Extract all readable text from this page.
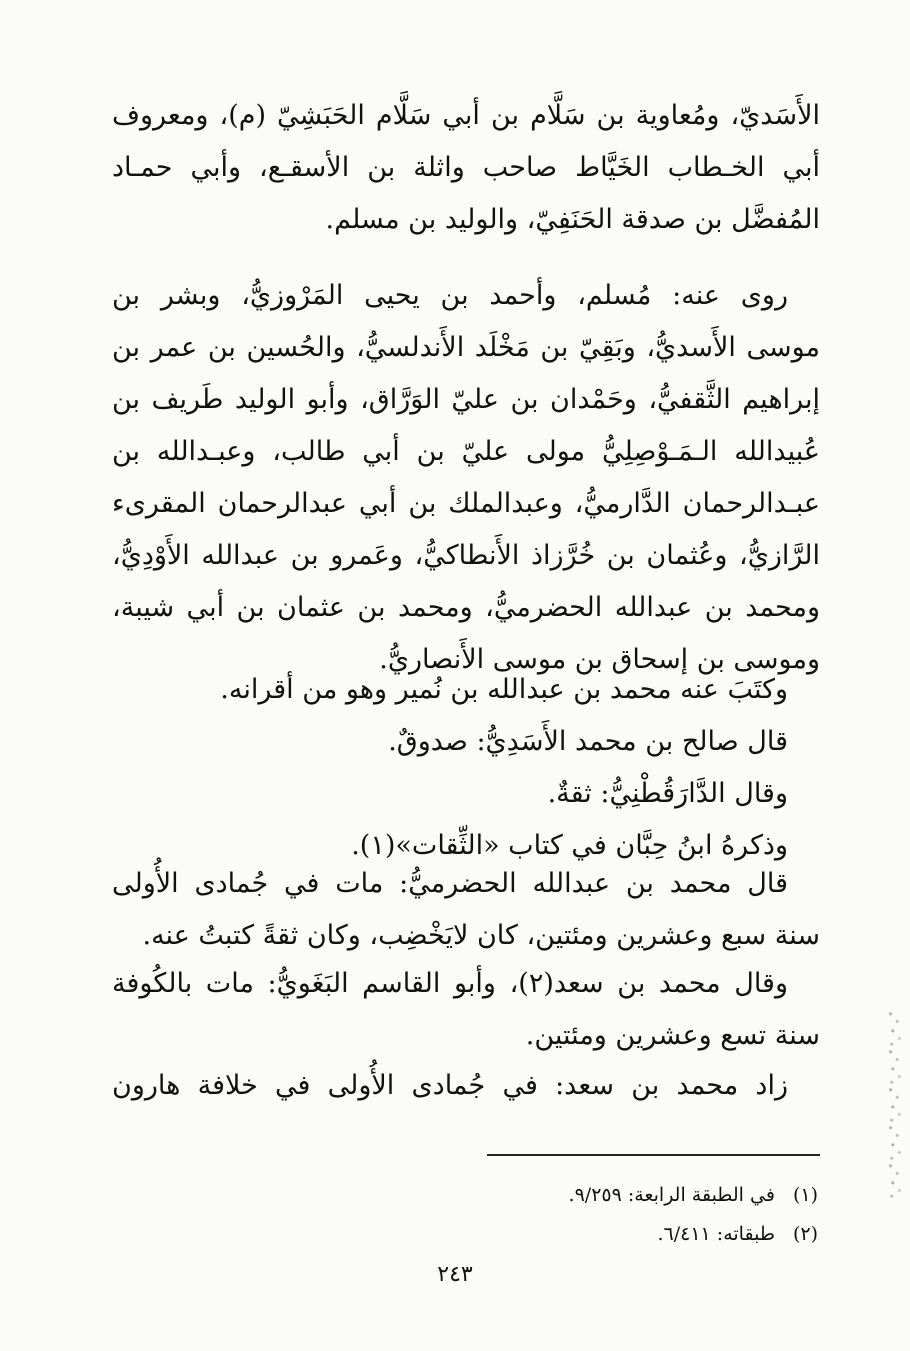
الأَسَديّ، ومُعاوية بن سَلَّام بن أبي سَلَّام الحَبَشِيّ (م)، ومعروف
أبي الخـطاب الخَيَّاط صاحب واثلة بن الأسقـع، وأبي حمـاد
المُفضَّل بن صدقة الحَنَفِيّ، والوليد بن مسلم.
روى عنه: مُسلم، وأحمد بن يحيى المَرْوزيُّ، وبشر بن
موسى الأَسديُّ، وبَقِيّ بن مَخْلَد الأَندلسيُّ، والحُسين بن عمر بن
إبراهيم الثَّقفيُّ، وحَمْدان بن عليّ الوَرَّاق، وأبو الوليد طَريف بن
عُبيدالله الـمَـوْصِلِيُّ مولى عليّ بن أبي طالب، وعبـدالله بن
عبـدالرحمان الدَّارميُّ، وعبدالملك بن أبي عبدالرحمان المقرىء
الرَّازيُّ، وعُثمان بن خُرَّزاذ الأَنطاكيُّ، وعَمرو بن عبدالله الأَوْدِيُّ،
ومحمد بن عبدالله الحضرميُّ، ومحمد بن عثمان بن أبي شيبة،
وموسى بن إسحاق بن موسى الأَنصاريُّ.
وكتَبَ عنه محمد بن عبدالله بن نُمير وهو من أقرانه.
قال صالح بن محمد الأَسَدِيُّ: صدوقٌ.
وقال الدَّارَقُطْنِيُّ: ثقةٌ.
وذكرهُ ابنُ حِبَّان في كتاب «الثِّقات»(١).
قال محمد بن عبدالله الحضرميُّ: مات في جُمادى الأُولى
سنة سبع وعشرين ومئتين، كان لايَخْضِب، وكان ثقةً كتبتُ عنه.
وقال محمد بن سعد(٢)، وأبو القاسم البَغَويُّ: مات بالكُوفة
سنة تسع وعشرين ومئتين.
زاد محمد بن سعد: في جُمادى الأُولى في خلافة هارون
(١)في الطبقة الرابعة: ٩/٢٥٩.
(٢)طبقاته: ٦/٤١١.
٢٤٣
